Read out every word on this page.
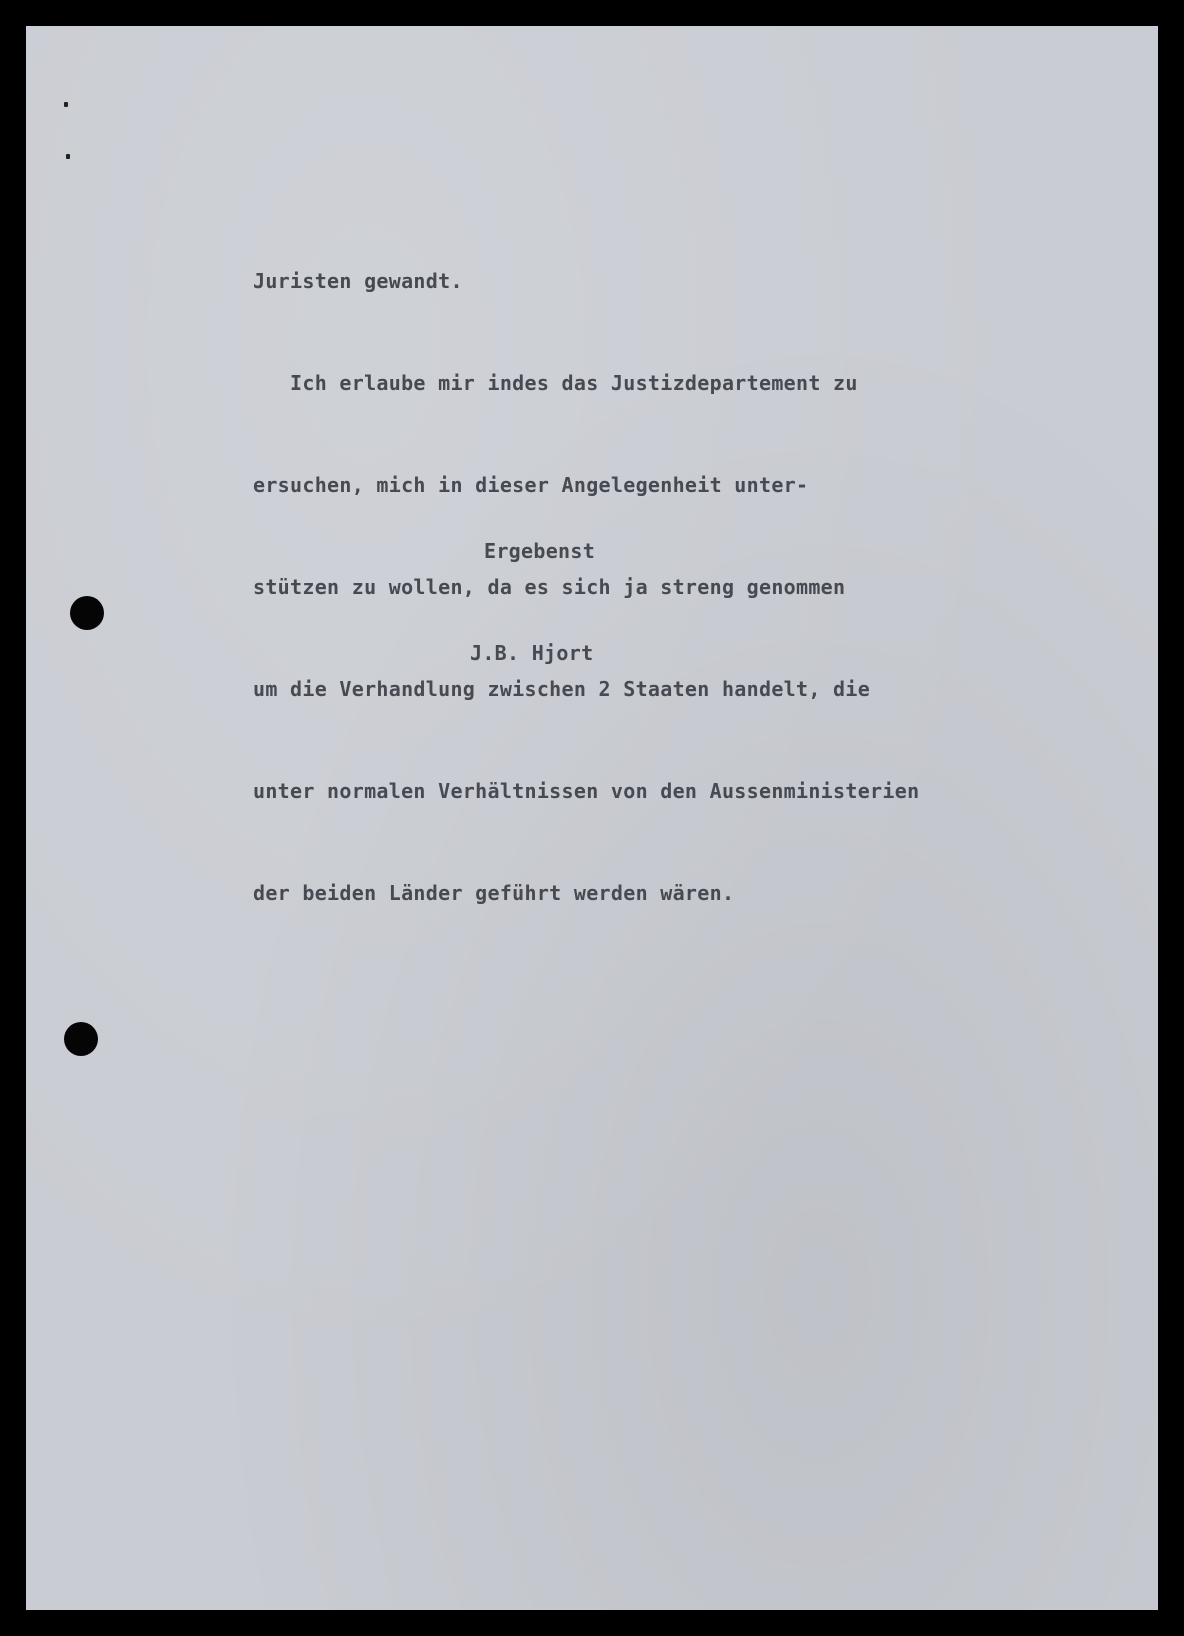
Juristen gewandt.

Ich erlaube mir indes das Justizdepartement zu

ersuchen, mich in dieser Angelegenheit unter-

stützen zu wollen, da es sich ja streng genommen

um die Verhandlung zwischen 2 Staaten handelt, die

unter normalen Verhältnissen von den Aussenministerien

der beiden Länder geführt werden wären.

Ergebenst

J.B. Hjort
